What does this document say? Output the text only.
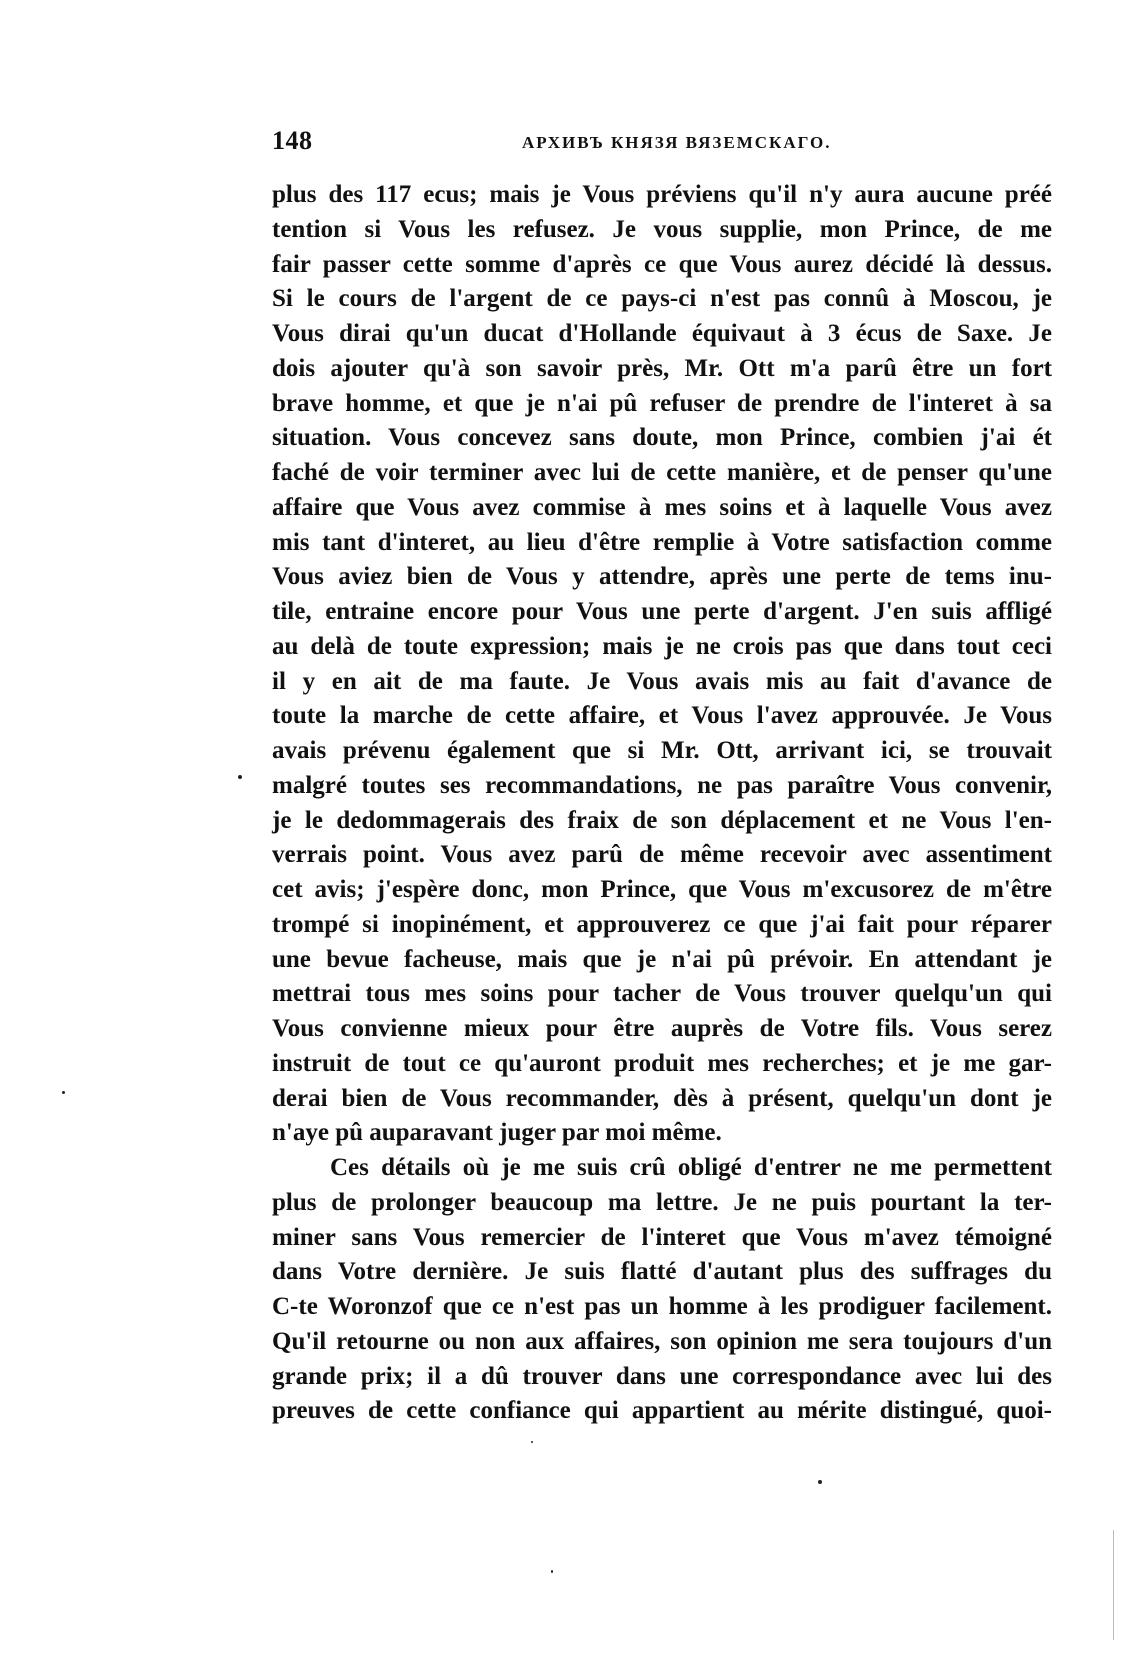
148	АРХИВЪ КНЯЗЯ ВЯЗЕМСКАГО.
plus des 117 ecus; mais je Vous préviens qu'il n'y aura aucune préé
tention si Vous les refusez. Je vous supplie, mon Prince, de me
fair passer cette somme d'après ce que Vous aurez décidé là dessus.
Si le cours de l'argent de ce pays-ci n'est pas connû à Moscou, je
Vous dirai qu'un ducat d'Hollande équivaut à 3 écus de Saxe. Je
dois ajouter qu'à son savoir près, Mr. Ott m'a parû être un fort
brave homme, et que je n'ai pû refuser de prendre de l'interet à sa
situation. Vous concevez sans doute, mon Prince, combien j'ai ét
faché de voir terminer avec lui de cette manière, et de penser qu'une
affaire que Vous avez commise à mes soins et à laquelle Vous avez
mis tant d'interet, au lieu d'être remplie à Votre satisfaction comme
Vous aviez bien de Vous y attendre, après une perte de tems inu-
tile, entraine encore pour Vous une perte d'argent. J'en suis affligé
au delà de toute expression; mais je ne crois pas que dans tout ceci
il y en ait de ma faute. Je Vous avais mis au fait d'avance de
toute la marche de cette affaire, et Vous l'avez approuvée. Je Vous
avais prévenu également que si Mr. Ott, arrivant ici, se trouvait
malgré toutes ses recommandations, ne pas paraître Vous convenir,
je le dedommagerais des fraix de son déplacement et ne Vous l'en-
verrais point. Vous avez parû de même recevoir avec assentiment
cet avis; j'espère donc, mon Prince, que Vous m'excusorez de m'être
trompé si inopinément, et approuverez ce que j'ai fait pour réparer
une bevue facheuse, mais que je n'ai pû prévoir. En attendant je
mettrai tous mes soins pour tacher de Vous trouver quelqu'un qui
Vous convienne mieux pour être auprès de Votre fils. Vous serez
instruit de tout ce qu'auront produit mes recherches; et je me gar-
derai bien de Vous recommander, dès à présent, quelqu'un dont je
n'aye pû auparavant juger par moi même.
Ces détails où je me suis crû obligé d'entrer ne me permettent
plus de prolonger beaucoup ma lettre. Je ne puis pourtant la ter-
miner sans Vous remercier de l'interet que Vous m'avez témoigné
dans Votre dernière. Je suis flatté d'autant plus des suffrages du
C-te Woronzof que ce n'est pas un homme à les prodiguer facilement.
Qu'il retourne ou non aux affaires, son opinion me sera toujours d'un
grande prix; il a dû trouver dans une correspondance avec lui des
preuves de cette confiance qui appartient au mérite distingué, quoi-
